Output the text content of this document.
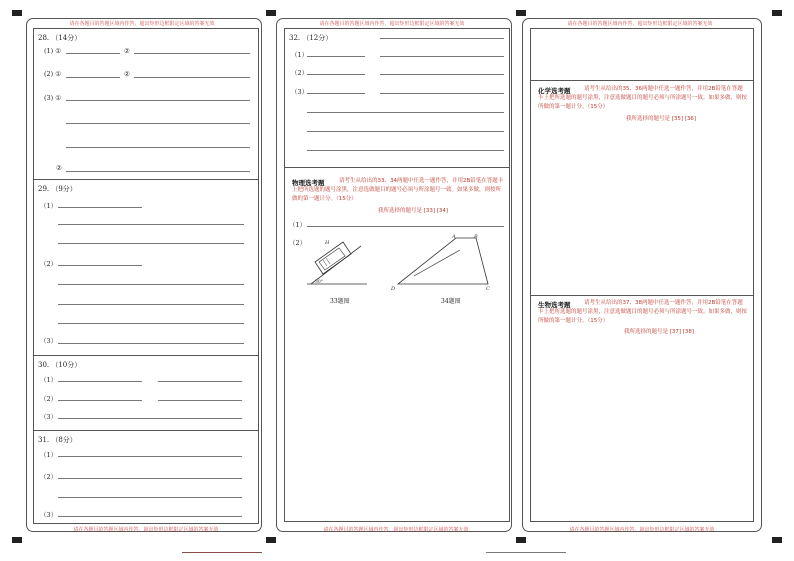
请在各题目的答题区域内作答，超出矩形边框限定区域的答案无效	请在各题目的答题区域内作答，超出矩形边框限定区域的答案无效	请在各题目的答题区域内作答，超出矩形边框限定区域的答案无效
28. （14分）
(1) ①	②
(2) ①	②
(3) ①
②
29. （9分）
（1）
（2）
（3）
30. （10分）
（1）
（2）
（3）
31. （8分）
（1）
（2）
（3）
请在各题目的答题区域内作答，超出矩形边框限定区域的答案无效
32. （12分）
（1）
（2）
（3）
物理选考题	请考生从给出的33、34两题中任选一题作答，并用2B铅笔在答题卡上把所选题的题号涂黑，注意选做题目的题号必须与所涂题号一致。如果多做，则按所做的第一题计分。（15分）
我所选择的题号是 [33] [34]
（1）
（2）	H
30°
33题图
A	B
C
D
34题图
请在各题目的答题区域内作答，超出矩形边框限定区域的答案无效
化学选考题	请考生从给出的35、36两题中任选一题作答，并用2B铅笔在答题卡上把所选题的题号涂黑，注意选做题目的题号必须与所涂题号一致。如果多做，则按所做的第一题计分。（15分）
我所选择的题号是 [35] [36]
生物选考题	请考生从给出的37、38两题中任选一题作答，并用2B铅笔在答题卡上把所选题的题号涂黑，注意选做题目的题号必须与所涂题号一致。如果多做，则按所做的第一题计分。（15分）
我所选择的题号是 [37] [38]
请在各题目的答题区域内作答，超出矩形边框限定区域的答案无效
